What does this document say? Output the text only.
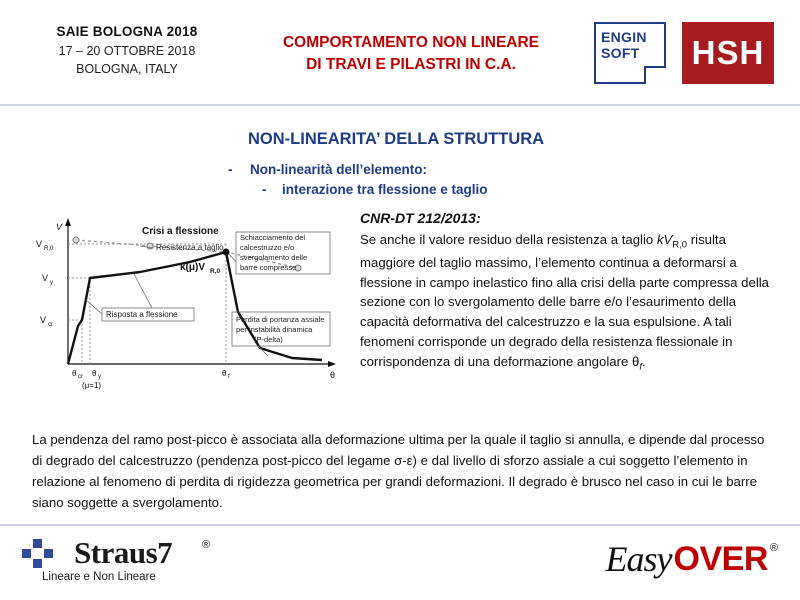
SAIE BOLOGNA 2018
17 – 20 OTTOBRE 2018
BOLOGNA, ITALY
COMPORTAMENTO NON LINEARE
DI TRAVI E PILASTRI IN C.A.
ENGIN
SOFT HSH
NON-LINEARITA’ DELLA STRUTTURA
- Non-linearità dell’elemento:
- interazione tra flessione e taglio
V
θ
V R,0
V y
V cr
θ cr θ y
(μ=1)
θ f
Crisi a flessione
Resistenza a taglio
k(μ)V R,0
Schiacciamento del
calcestruzzo e/o
svergolamento delle
barre compresse
Risposta a flessione
Perdita di portanza assiale
per instabilità dinamica
(P-delta)
CNR-DT 212/2013:
Se anche il valore residuo della resistenza a taglio $kV_{R,0}$ risulta maggiore del taglio massimo, l’elemento continua a deformarsi a flessione in campo inelastico fino alla crisi della parte compressa della sezione con lo svergolamento delle barre e/o l’esaurimento della capacità deformativa del calcestruzzo e la sua espulsione. A tali fenomeni corrisponde un degrado della resistenza flessionale in corrispondenza di una deformazione angolare $\theta_f$.
La pendenza del ramo post-picco è associata alla deformazione ultima per la quale il taglio si annulla, e dipende dal processo di degrado del calcestruzzo (pendenza post-picco del legame σ-ε) e dal livello di sforzo assiale a cui soggetto l’elemento in relazione al fenomeno di perdita di rigidezza geometrica per grandi deformazioni. Il degrado è brusco nel caso in cui le barre siano soggette a svergolamento.
Straus7	®
Lineare e Non Lineare	Easy OVER ®
